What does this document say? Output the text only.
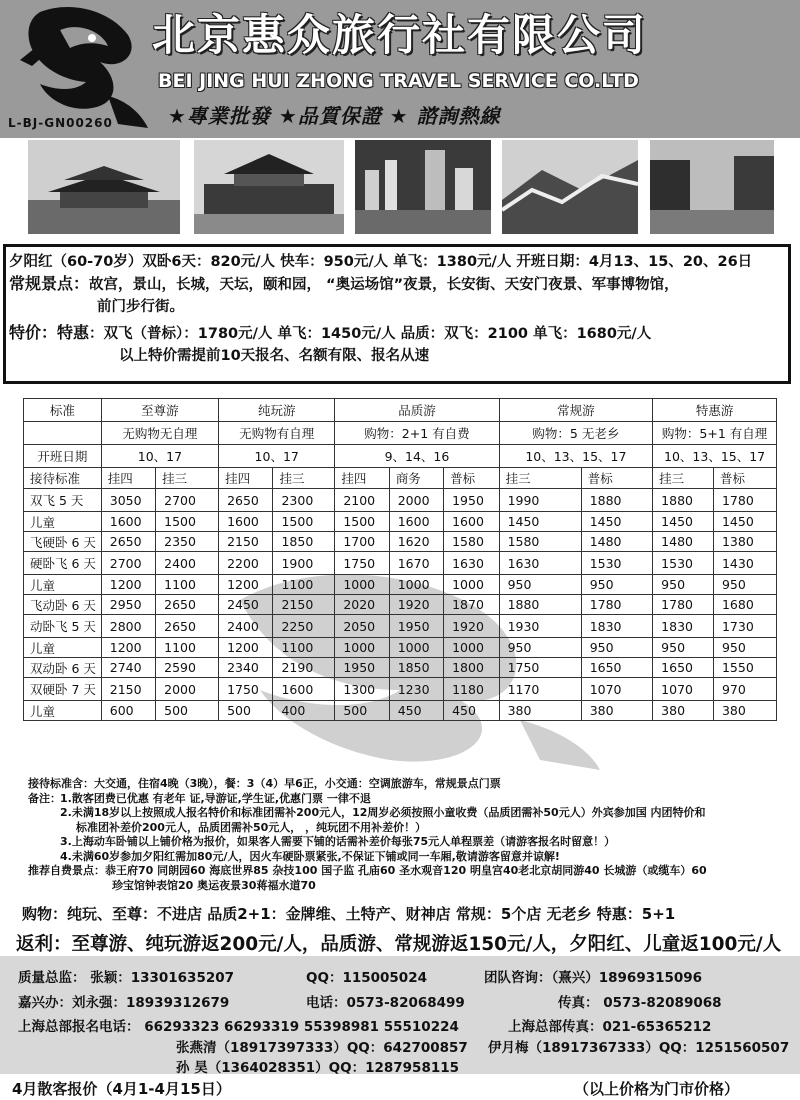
L-BJ-GN00260
北京惠众旅行社有限公司
BEI JING HUI ZHONG TRAVEL SERVICE CO.LTD
★專業批發 ★品質保證 ★ 諮詢熱線
夕阳红（60-70岁）双卧6天：820元/人 快车：950元/人 单飞：1380元/人 开班日期：4月13、15、20、26日
常规景点：故宫，景山，长城，天坛，颐和园， “奥运场馆”夜景，长安街、天安门夜景、军事博物馆，
前门步行街。
特价：特惠：双飞（普标）：1780元/人 单飞：1450元/人 品质：双飞：2100 单飞：1680元/人
以上特价需提前10天报名、名额有限、报名从速
标准	至尊游		纯玩游		品质游			常规游		特惠游	
	无购物无自理		无购物有自理		购物：2+1 有自费			购物：5 无老乡		购物：5+1 有自理	
开班日期	10、17		10、17		9、14、16			10、13、15、17		10、13、15、17	
接待标准	挂四	挂三	挂四	挂三	挂四	商务	普标	挂三	普标	挂三	普标
双飞 5 天	3050	2700	2650	2300	2100	2000	1950	1990	1880	1880	1780
儿童	1600	1500	1600	1500	1500	1600	1600	1450	1450	1450	1450
飞硬卧 6 天	2650	2350	2150	1850	1700	1620	1580	1580	1480	1480	1380
硬卧飞 6 天	2700	2400	2200	1900	1750	1670	1630	1630	1530	1530	1430
儿童	1200	1100	1200	1100	1000	1000	1000	950	950	950	950
飞动卧 6 天	2950	2650	2450	2150	2020	1920	1870	1880	1780	1780	1680
动卧飞 5 天	2800	2650	2400	2250	2050	1950	1920	1930	1830	1830	1730
儿童	1200	1100	1200	1100	1000	1000	1000	950	950	950	950
双动卧 6 天	2740	2590	2340	2190	1950	1850	1800	1750	1650	1650	1550
双硬卧 7 天	2150	2000	1750	1600	1300	1230	1180	1170	1070	1070	970
儿童	600	500	500	400	500	450	450	380	380	380	380
接待标准含：大交通，住宿4晚（3晚），餐：3（4）早6正，小交通：空调旅游车，常规景点门票
备注： 1.散客团费已优惠 有老年 证,导游证,学生证,优惠门票 一律不退
2.未满18岁以上按照成人报名特价和标准团需补200元人，12周岁必须按照小童收费（品质团需补50元人）外宾参加国 内团特价和
标准团补差价200元人，品质团需补50元人， ，纯玩团不用补差价！）
3.上海动车卧铺以上铺价格为报价，如果客人需要下铺的话需补差价每张75元人单程票差（请游客报名时留意！）
4.未满60岁参加夕阳红需加80元/人，因火车硬卧票紧张,不保证下铺或同一车厢,敬请游客留意并谅解!
推荐自费景点：恭王府70 同朗园60 海底世界85 杂技100 国子监 孔庙60 圣水观音120 明皇宫40老北京胡同游40 长城游（或缆车）60
珍宝馆钟表馆20 奥运夜景30蒋福水道70
购物：纯玩、至尊：不进店 品质2+1：金牌维、土特产、财神店 常规：5个店 无老乡 特惠：5+1
返利：至尊游、纯玩游返200元/人，品质游、常规游返150元/人，夕阳红、儿童返100元/人
质量总监： 张颖：13301635207	QQ：115005024	团队咨询：（熹兴）18969315096
嘉兴办：刘永强：18939312679	电话：0573-82068499	传真： 0573-82089068
上海总部报名电话： 66293323 66293319 55398981 55510224	上海总部传真：021-65365212
张燕清（18917397333）QQ：642700857 伊月梅（18917367333）QQ：1251560507
孙 昊（13640283​51）QQ：1287958115
4月散客报价（4月1-4月15日）	（以上价格为门市价格）
